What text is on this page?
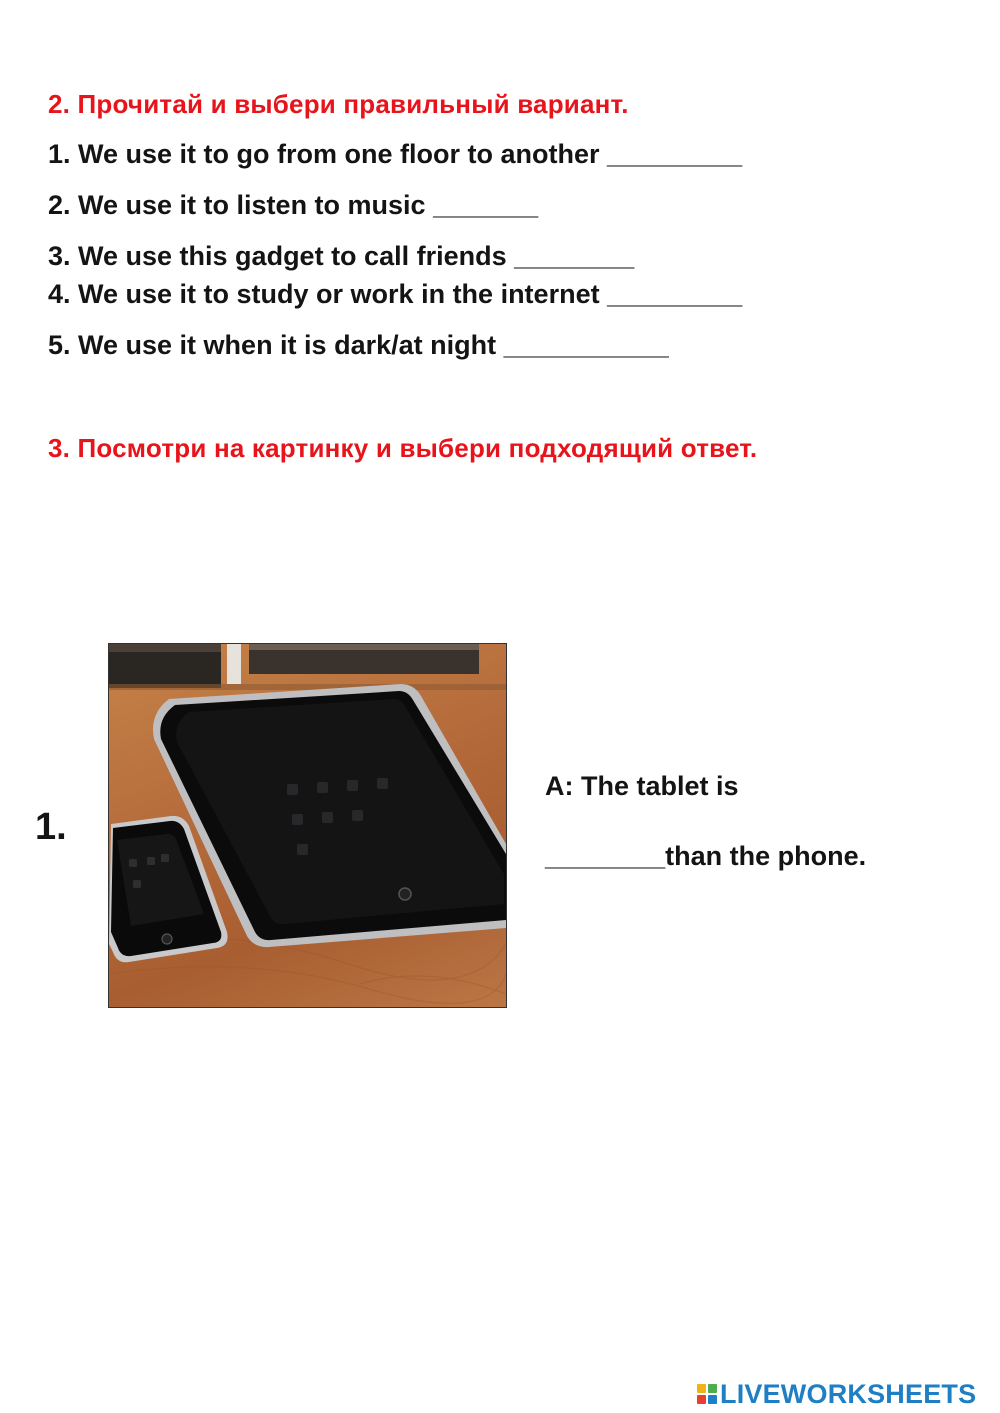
2. Прочитай и выбери правильный вариант.
1. We use it to go from one floor to another _________
2. We use it to listen to music _______
3. We use this gadget to call friends ________
4. We use it to study or work in the internet _________
5. We use it when it is dark/at night ___________
3. Посмотри на картинку и выбери подходящий ответ.
1.
A: The tablet is
________than the phone.
LIVEWORKSHEETS
